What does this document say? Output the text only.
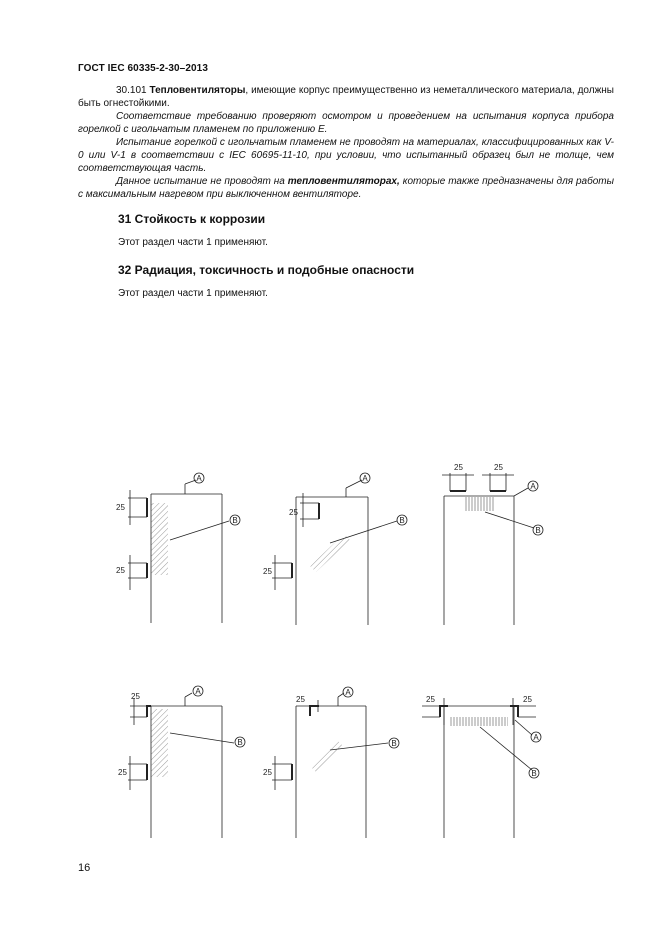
ГОСТ IEC 60335-2-30–2013
30.101 Тепловентиляторы, имеющие корпус преимущественно из неметаллического материала, должны быть огнестойкими.
Соответствие требованию проверяют осмотром и проведением на испытания корпуса прибора горелкой с игольчатым пламенем по приложению E.
Испытание горелкой с игольчатым пламенем не проводят на материалах, классифицированных как V-0 или V-1 в соответствии с IEC 60695-11-10, при условии, что испытанный образец был не толще, чем соответствующая часть.
Данное испытание не проводят на тепловентиляторах, которые также предназначены для работы с максимальным нагревом при выключенном вентиляторе.
31 Стойкость к коррозии
Этот раздел части 1 применяют.
32 Радиация, токсичность и подобные опасности
Этот раздел части 1 применяют.
A
B
A
B
A
B
A
B
A
B
A
B
25
25
25
25
25	25
25
25
25
25
25	25
16
